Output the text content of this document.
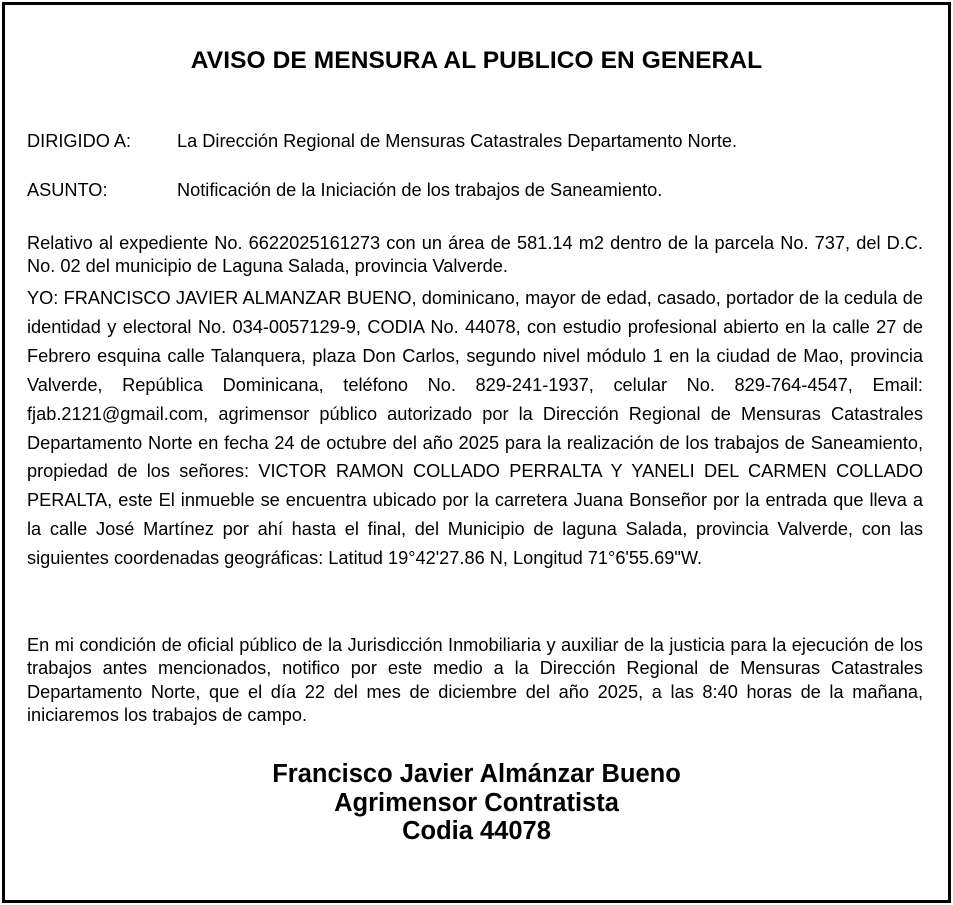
AVISO DE MENSURA AL PUBLICO EN GENERAL
DIRIGIDO A:	La Dirección Regional de Mensuras Catastrales Departamento Norte.
ASUNTO:	Notificación de la Iniciación de los trabajos de Saneamiento.
Relativo al expediente No. 6622025161273 con un área de 581.14 m2 dentro de la parcela No. 737, del D.C. No. 02 del municipio de Laguna Salada, provincia Valverde.
YO: FRANCISCO JAVIER ALMANZAR BUENO, dominicano, mayor de edad, casado, portador de la cedula de identidad y electoral No. 034-0057129-9, CODIA No. 44078, con estudio profesional abierto en la calle 27 de Febrero esquina calle Talanquera, plaza Don Carlos, segundo nivel módulo 1 en la ciudad de Mao, provincia Valverde, República Dominicana, teléfono No. 829-241-1937, celular No. 829-764-4547, Email: fjab.2121@gmail.com, agrimensor público autorizado por la Dirección Regional de Mensuras Catastrales Departamento Norte en fecha 24 de octubre del año 2025 para la realización de los trabajos de Saneamiento, propiedad de los señores: VICTOR RAMON COLLADO PERRALTA Y YANELI DEL CARMEN COLLADO PERALTA, este El inmueble se encuentra ubicado por la carretera Juana Bonseñor por la entrada que lleva a la calle José Martínez por ahí hasta el final, del Municipio de laguna Salada, provincia Valverde, con las siguientes coordenadas geográficas: Latitud 19°42'27.86 N, Longitud 71°6'55.69"W.
En mi condición de oficial público de la Jurisdicción Inmobiliaria y auxiliar de la justicia para la ejecución de los trabajos antes mencionados, notifico por este medio a la Dirección Regional de Mensuras Catastrales Departamento Norte, que el día 22 del mes de diciembre del año 2025, a las 8:40 horas de la mañana, iniciaremos los trabajos de campo.
Francisco Javier Almánzar Bueno
Agrimensor Contratista
Codia 44078
